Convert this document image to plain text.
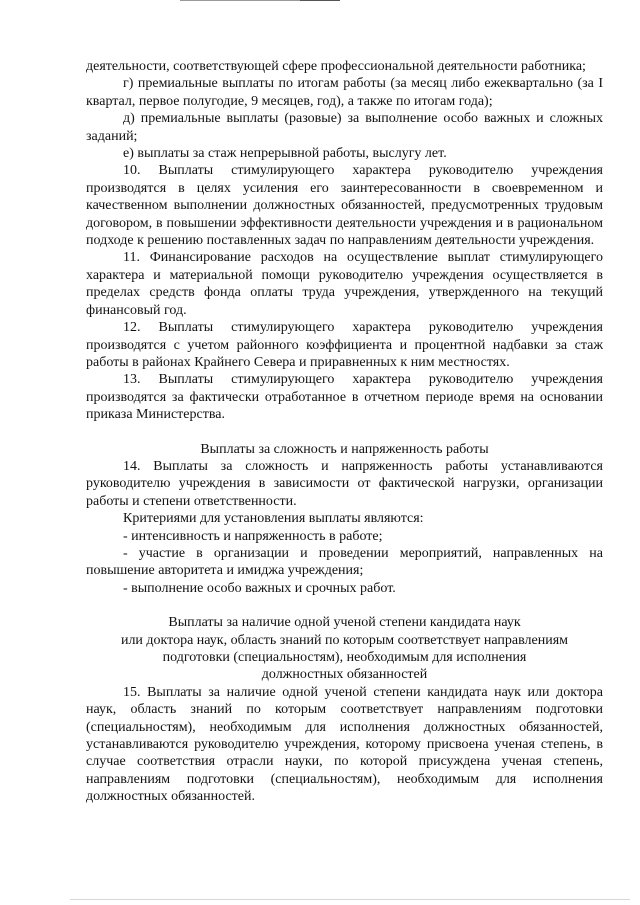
деятельности, соответствующей сфере профессиональной деятельности работника;

г) премиальные выплаты по итогам работы (за месяц либо ежеквартально (за I квартал, первое полугодие, 9 месяцев, год), а также по итогам года);

д) премиальные выплаты (разовые) за выполнение особо важных и сложных заданий;

е) выплаты за стаж непрерывной работы, выслугу лет.

10. Выплаты стимулирующего характера руководителю учреждения производятся в целях усиления его заинтересованности в своевременном и качественном выполнении должностных обязанностей, предусмотренных трудовым договором, в повышении эффективности деятельности учреждения и в рациональном подходе к решению поставленных задач по направлениям деятельности учреждения.

11. Финансирование расходов на осуществление выплат стимулирующего характера и материальной помощи руководителю учреждения осуществляется в пределах средств фонда оплаты труда учреждения, утвержденного на текущий финансовый год.

12. Выплаты стимулирующего характера руководителю учреждения производятся с учетом районного коэффициента и процентной надбавки за стаж работы в районах Крайнего Севера и приравненных к ним местностях.

13. Выплаты стимулирующего характера руководителю учреждения производятся за фактически отработанное в отчетном периоде время на основании приказа Министерства.

Выплаты за сложность и напряженность работы

14. Выплаты за сложность и напряженность работы устанавливаются руководителю учреждения в зависимости от фактической нагрузки, организации работы и степени ответственности.

Критериями для установления выплаты являются:

- интенсивность и напряженность в работе;

- участие в организации и проведении мероприятий, направленных на повышение авторитета и имиджа учреждения;

- выполнение особо важных и срочных работ.

Выплаты за наличие одной ученой степени кандидата наук

или доктора наук, область знаний по которым соответствует направлениям

подготовки (специальностям), необходимым для исполнения

должностных обязанностей

15. Выплаты за наличие одной ученой степени кандидата наук или доктора наук, область знаний по которым соответствует направлениям подготовки (специальностям), необходимым для исполнения должностных обязанностей, устанавливаются руководителю учреждения, которому присвоена ученая степень, в случае соответствия отрасли науки, по которой присуждена ученая степень, направлениям подготовки (специальностям), необходимым для исполнения должностных обязанностей.
